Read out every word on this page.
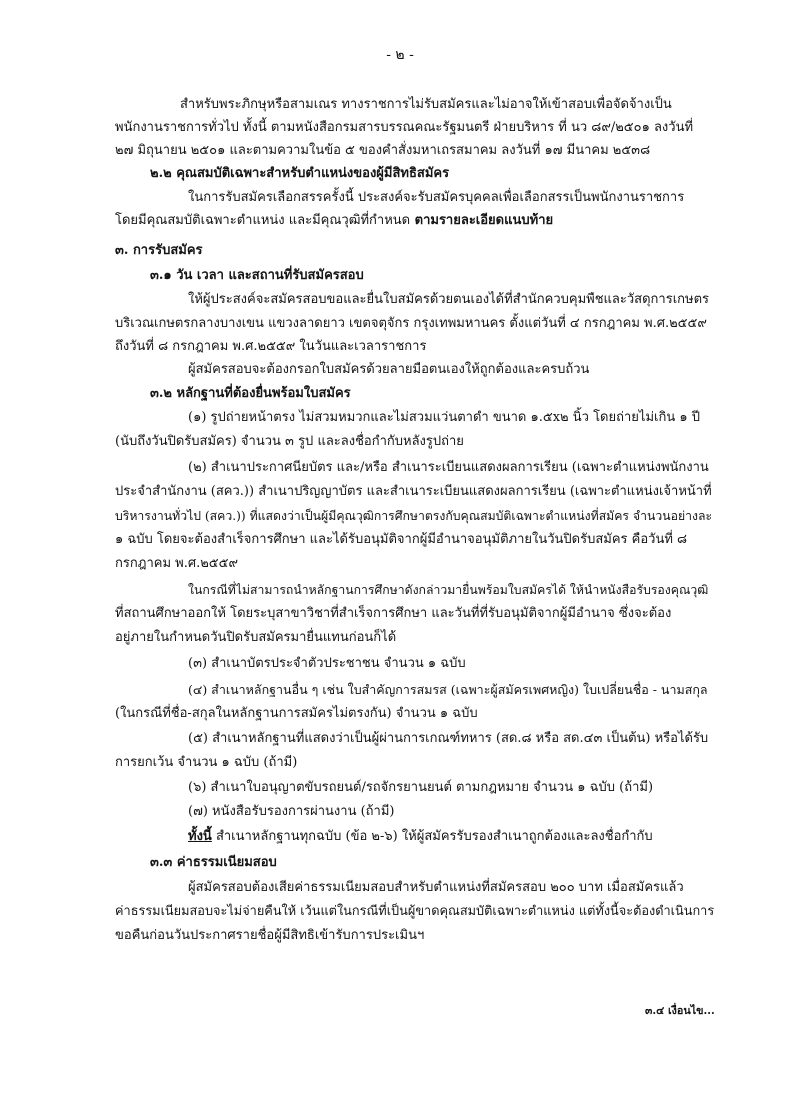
- ๒ -
สำหรับพระภิกษุหรือสามเณร ทางราชการไม่รับสมัครและไม่อาจให้เข้าสอบเพื่อจัดจ้างเป็น
พนักงานราชการทั่วไป ทั้งนี้ ตามหนังสือกรมสารบรรณคณะรัฐมนตรี ฝ่ายบริหาร ที่ นว ๘๙/๒๕๐๑ ลงวันที่
๒๗ มิถุนายน ๒๕๐๑ และตามความในข้อ ๕ ของคำสั่งมหาเถรสมาคม ลงวันที่ ๑๗ มีนาคม ๒๕๓๘
๒.๒ คุณสมบัติเฉพาะสำหรับตำแหน่งของผู้มีสิทธิสมัคร
ในการรับสมัครเลือกสรรครั้งนี้ ประสงค์จะรับสมัครบุคคลเพื่อเลือกสรรเป็นพนักงานราชการ
โดยมีคุณสมบัติเฉพาะตำแหน่ง และมีคุณวุฒิที่กำหนด ตามรายละเอียดแนบท้าย
๓. การรับสมัคร
๓.๑ วัน เวลา และสถานที่รับสมัครสอบ
ให้ผู้ประสงค์จะสมัครสอบขอและยื่นใบสมัครด้วยตนเองได้ที่สำนักควบคุมพืชและวัสดุการเกษตร
บริเวณเกษตรกลางบางเขน แขวงลาดยาว เขตจตุจักร กรุงเทพมหานคร ตั้งแต่วันที่ ๔ กรกฎาคม พ.ศ.๒๕๕๙
ถึงวันที่ ๘ กรกฎาคม พ.ศ.๒๕๕๙ ในวันและเวลาราชการ
ผู้สมัครสอบจะต้องกรอกใบสมัครด้วยลายมือตนเองให้ถูกต้องและครบถ้วน
๓.๒ หลักฐานที่ต้องยื่นพร้อมใบสมัคร
(๑) รูปถ่ายหน้าตรง ไม่สวมหมวกและไม่สวมแว่นตาดำ ขนาด ๑.๕x๒ นิ้ว โดยถ่ายไม่เกิน ๑ ปี
(นับถึงวันปิดรับสมัคร) จำนวน ๓ รูป และลงชื่อกำกับหลังรูปถ่าย
(๒) สำเนาประกาศนียบัตร และ/หรือ สำเนาระเบียนแสดงผลการเรียน (เฉพาะตำแหน่งพนักงาน
ประจำสำนักงาน (สคว.)) สำเนาปริญญาบัตร และสำเนาระเบียนแสดงผลการเรียน (เฉพาะตำแหน่งเจ้าหน้าที่
บริหารงานทั่วไป (สคว.)) ที่แสดงว่าเป็นผู้มีคุณวุฒิการศึกษาตรงกับคุณสมบัติเฉพาะตำแหน่งที่สมัคร จำนวนอย่างละ
๑ ฉบับ โดยจะต้องสำเร็จการศึกษา และได้รับอนุมัติจากผู้มีอำนาจอนุมัติภายในวันปิดรับสมัคร คือวันที่ ๘
กรกฎาคม พ.ศ.๒๕๕๙
ในกรณีที่ไม่สามารถนำหลักฐานการศึกษาดังกล่าวมายื่นพร้อมใบสมัครได้ ให้นำหนังสือรับรองคุณวุฒิ
ที่สถานศึกษาออกให้ โดยระบุสาขาวิชาที่สำเร็จการศึกษา และวันที่ที่รับอนุมัติจากผู้มีอำนาจ ซึ่งจะต้อง
อยู่ภายในกำหนดวันปิดรับสมัครมายื่นแทนก่อนก็ได้
(๓) สำเนาบัตรประจำตัวประชาชน จำนวน ๑ ฉบับ
(๔) สำเนาหลักฐานอื่น ๆ เช่น ใบสำคัญการสมรส (เฉพาะผู้สมัครเพศหญิง) ใบเปลี่ยนชื่อ - นามสกุล
(ในกรณีที่ชื่อ-สกุลในหลักฐานการสมัครไม่ตรงกัน) จำนวน ๑ ฉบับ
(๕) สำเนาหลักฐานที่แสดงว่าเป็นผู้ผ่านการเกณฑ์ทหาร (สด.๘ หรือ สด.๔๓ เป็นต้น) หรือได้รับ
การยกเว้น จำนวน ๑ ฉบับ (ถ้ามี)
(๖) สำเนาใบอนุญาตขับรถยนต์/รถจักรยานยนต์ ตามกฎหมาย จำนวน ๑ ฉบับ (ถ้ามี)
(๗) หนังสือรับรองการผ่านงาน (ถ้ามี)
ทั้งนี้ สำเนาหลักฐานทุกฉบับ (ข้อ ๒-๖) ให้ผู้สมัครรับรองสำเนาถูกต้องและลงชื่อกำกับ
๓.๓ ค่าธรรมเนียมสอบ
ผู้สมัครสอบต้องเสียค่าธรรมเนียมสอบสำหรับตำแหน่งที่สมัครสอบ ๒๐๐ บาท เมื่อสมัครแล้ว
ค่าธรรมเนียมสอบจะไม่จ่ายคืนให้ เว้นแต่ในกรณีที่เป็นผู้ขาดคุณสมบัติเฉพาะตำแหน่ง แต่ทั้งนี้จะต้องดำเนินการ
ขอคืนก่อนวันประกาศรายชื่อผู้มีสิทธิเข้ารับการประเมินฯ
๓.๔ เงื่อนไข...
